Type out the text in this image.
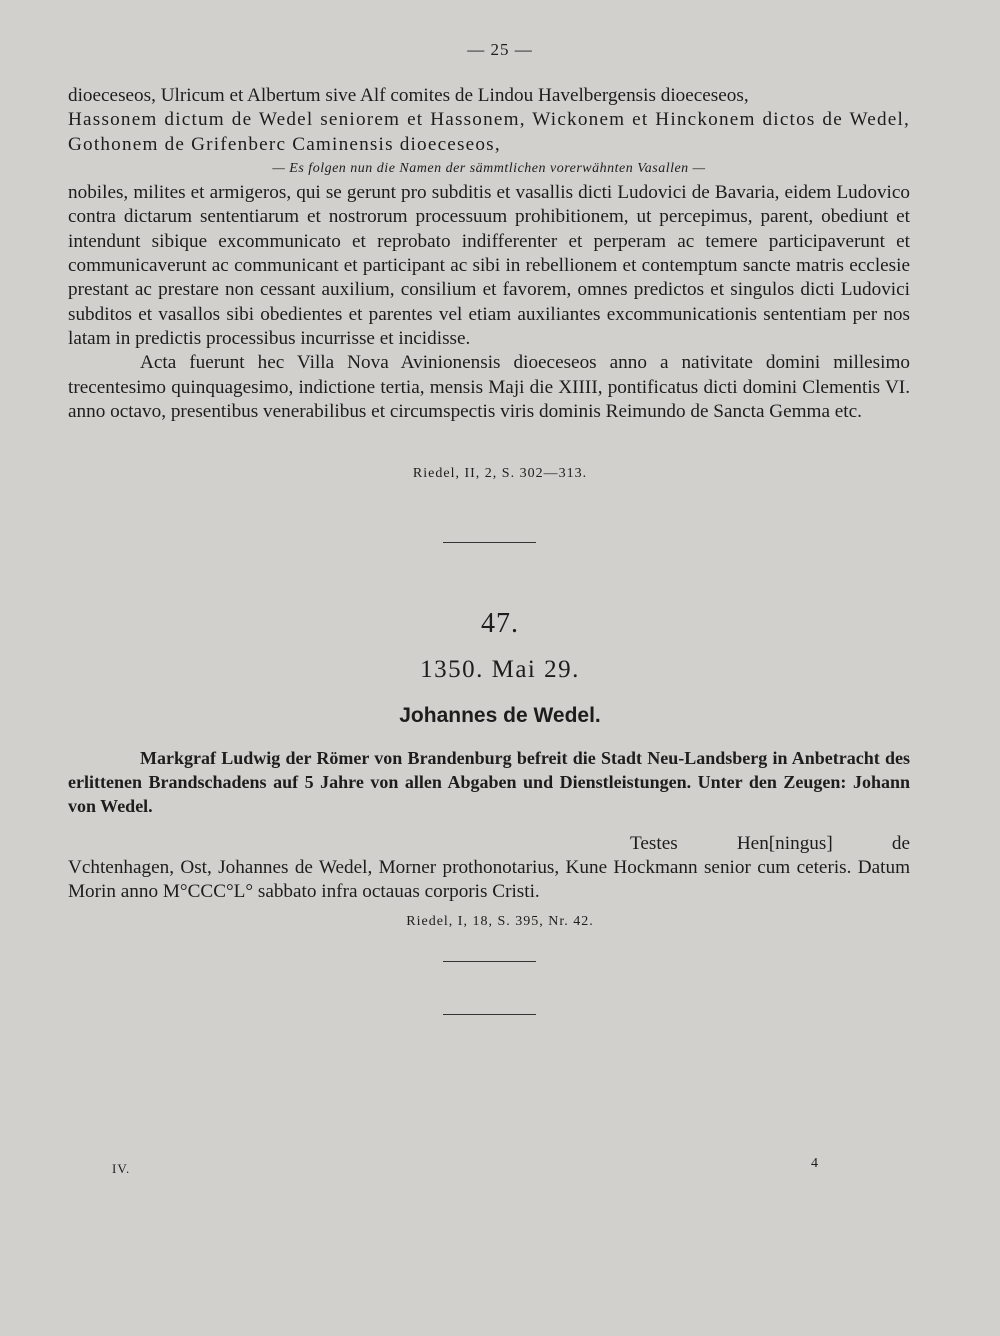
— 25 —

dioeceseos, Ulricum et Albertum sive Alf comites de Lindou Havelbergensis dioeceseos,

Hassonem dictum de Wedel seniorem et Hassonem, Wickonem et Hinckonem dictos de Wedel, Gothonem de Grifenberc Caminensis dioeceseos,

— Es folgen nun die Namen der sämmtlichen vorerwähnten Vasallen —

nobiles, milites et armigeros, qui se gerunt pro subditis et vasallis dicti Ludovici de Bavaria, eidem Ludovico contra dictarum sententiarum et nostrorum processuum prohibitionem, ut percepimus, parent, obediunt et intendunt sibique excommunicato et reprobato indifferenter et perperam ac temere participaverunt et communicaverunt ac communicant et participant ac sibi in rebellionem et contemptum sancte matris ecclesie prestant ac prestare non cessant auxilium, consilium et favorem, omnes predictos et singulos dicti Ludovici subditos et vasallos sibi obedientes et parentes vel etiam auxiliantes excommunicationis sententiam per nos latam in predictis processibus incurrisse et incidisse.

Acta fuerunt hec Villa Nova Avinionensis dioeceseos anno a nativitate domini millesimo trecentesimo quinquagesimo, indictione tertia, mensis Maji die XIIII, pontificatus dicti domini Clementis VI. anno octavo, presentibus venerabilibus et circumspectis viris dominis Reimundo de Sancta Gemma etc.

Riedel, II, 2, S. 302—313.
47.
1350. Mai 29.
Johannes de Wedel.
Markgraf Ludwig der Römer von Brandenburg befreit die Stadt Neu-Landsberg in Anbetracht des erlittenen Brandschadens auf 5 Jahre von allen Abgaben und Dienstleistungen. Unter den Zeugen: Johann von Wedel.

Testes Hen[ningus] de Vchtenhagen, Ost, Johannes de Wedel, Morner prothonotarius, Kune Hockmann senior cum ceteris. Datum Morin anno M°CCC°L° sabbato infra octauas corporis Cristi.

Riedel, I, 18, S. 395, Nr. 42.
IV.	4
